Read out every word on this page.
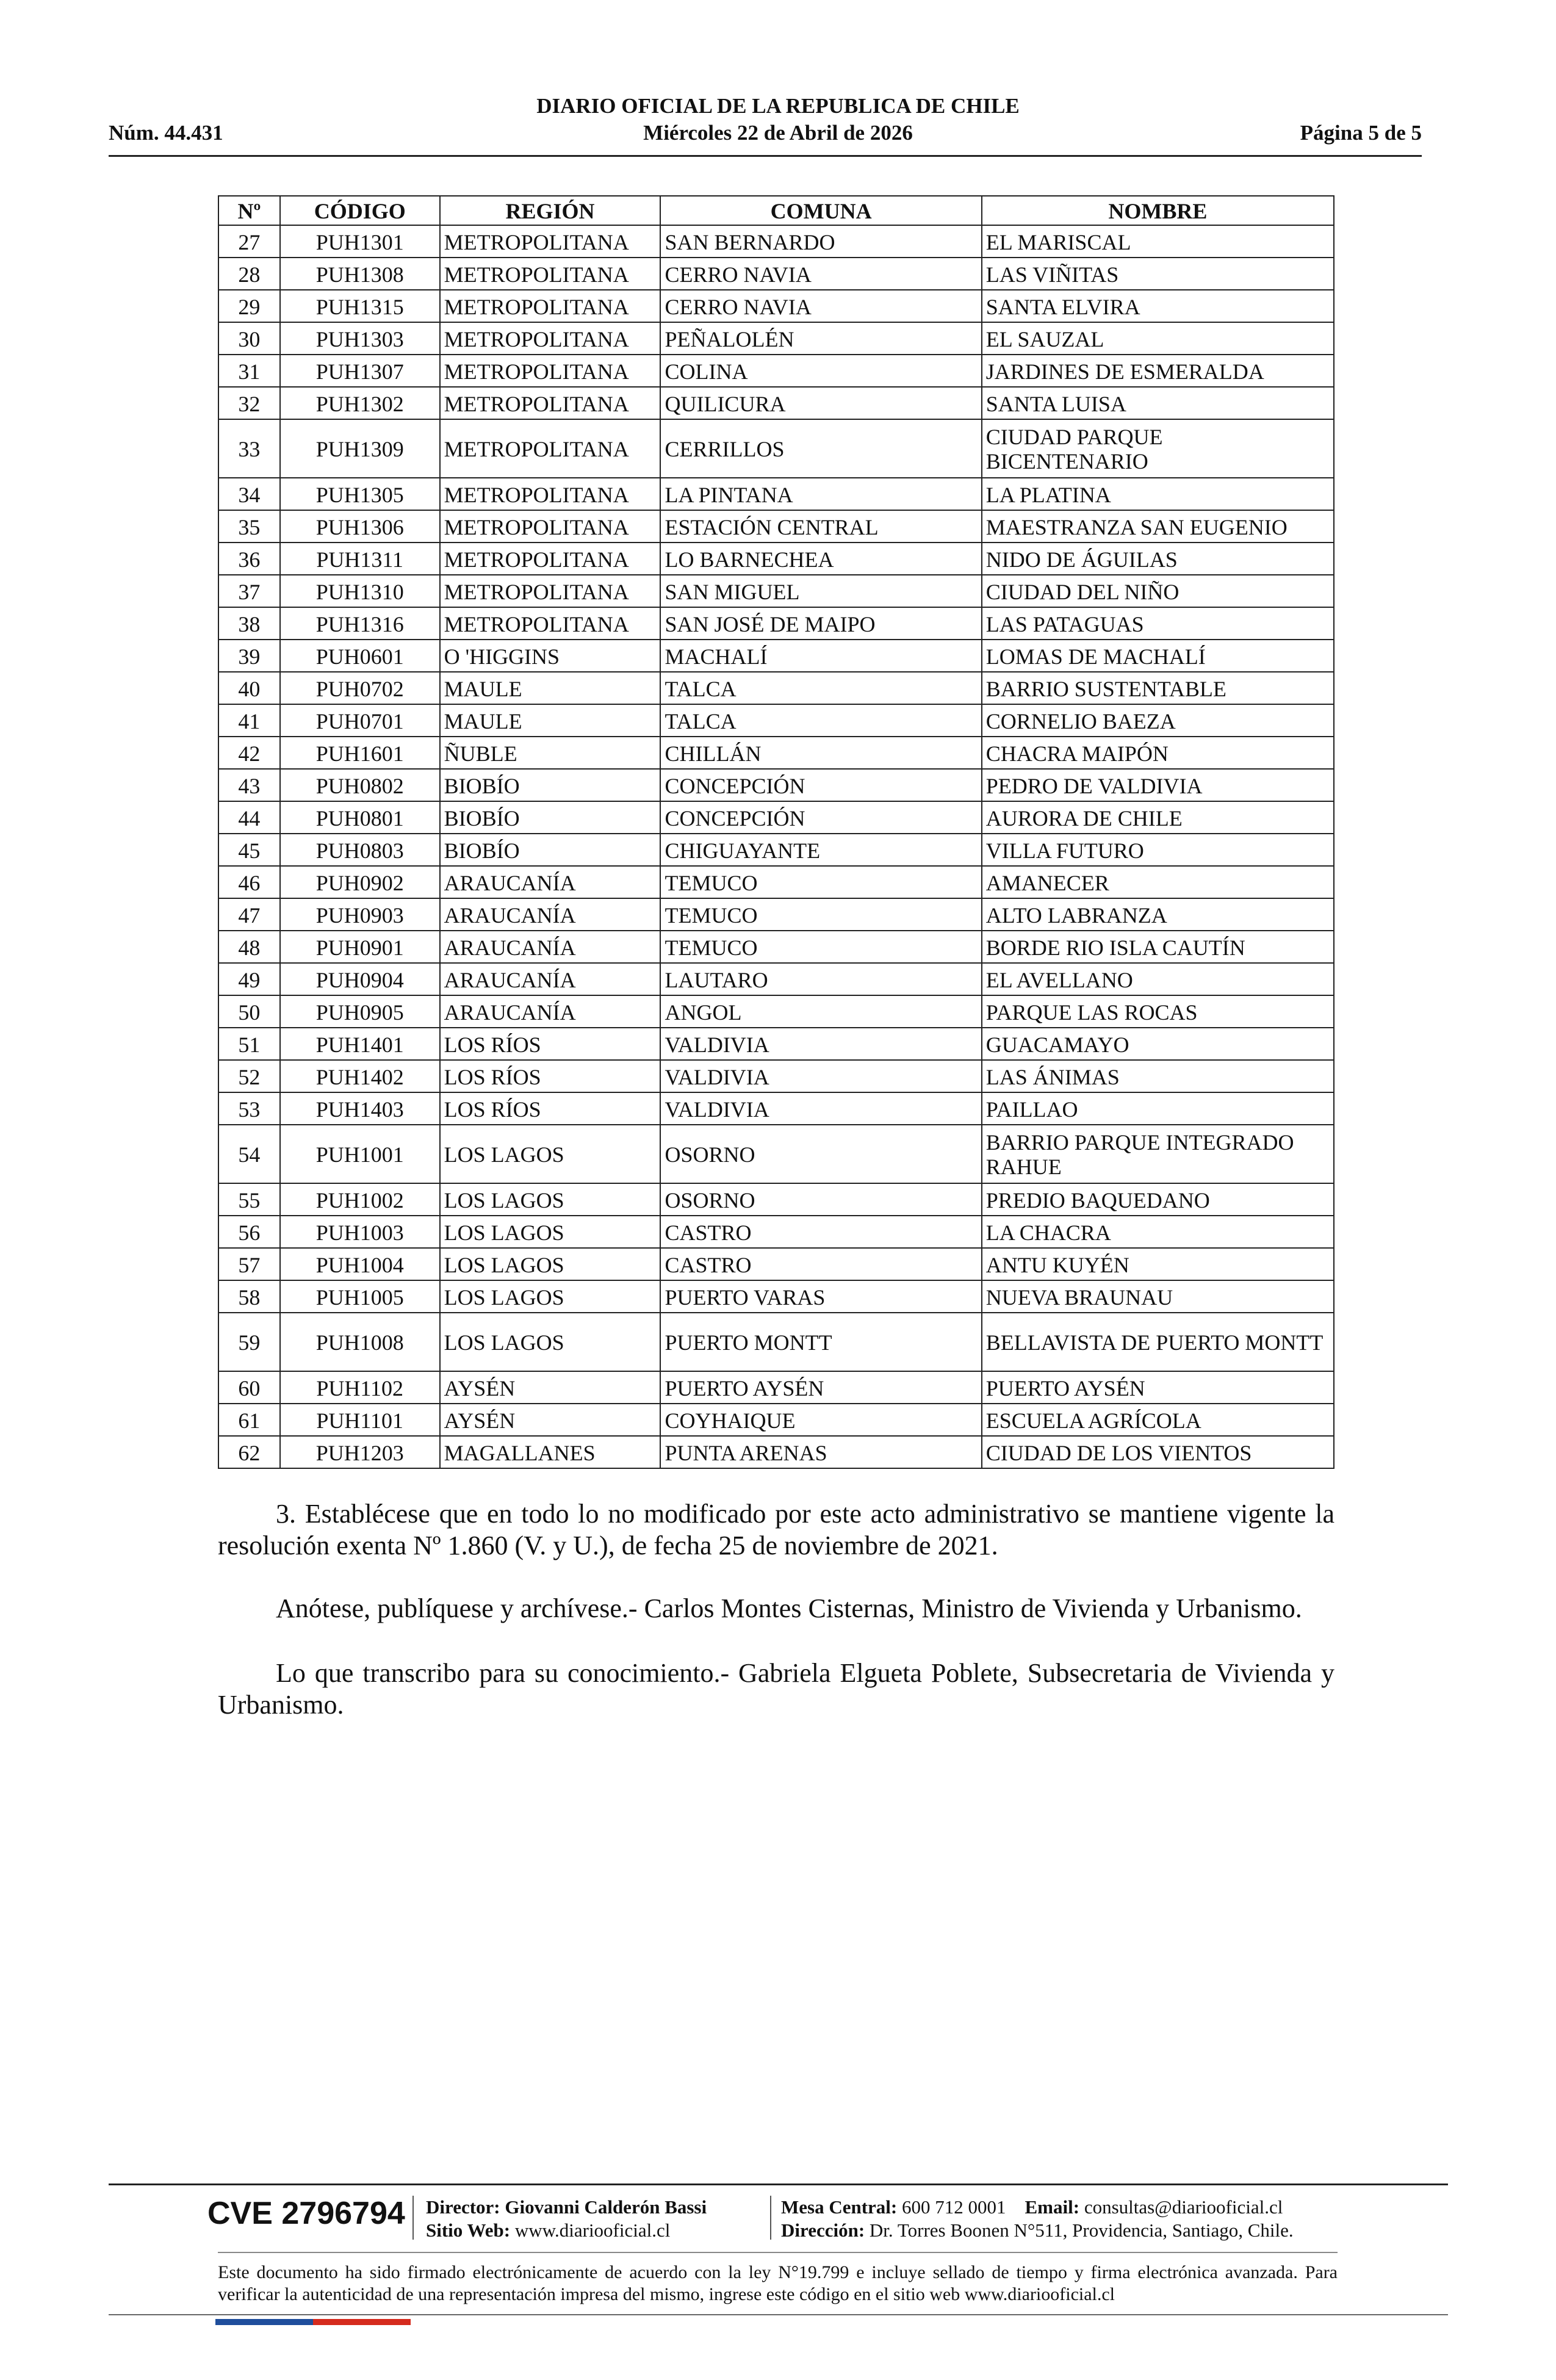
DIARIO OFICIAL DE LA REPUBLICA DE CHILE
Núm. 44.431	Miércoles 22 de Abril de 2026	Página 5 de 5
Nº	CÓDIGO	REGIÓN	COMUNA	NOMBRE
27	PUH1301	METROPOLITANA	SAN BERNARDO	EL MARISCAL
28	PUH1308	METROPOLITANA	CERRO NAVIA	LAS VIÑITAS
29	PUH1315	METROPOLITANA	CERRO NAVIA	SANTA ELVIRA
30	PUH1303	METROPOLITANA	PEÑALOLÉN	EL SAUZAL
31	PUH1307	METROPOLITANA	COLINA	JARDINES DE ESMERALDA
32	PUH1302	METROPOLITANA	QUILICURA	SANTA LUISA
33	PUH1309	METROPOLITANA	CERRILLOS	CIUDAD PARQUE BICENTENARIO
34	PUH1305	METROPOLITANA	LA PINTANA	LA PLATINA
35	PUH1306	METROPOLITANA	ESTACIÓN CENTRAL	MAESTRANZA SAN EUGENIO
36	PUH1311	METROPOLITANA	LO BARNECHEA	NIDO DE ÁGUILAS
37	PUH1310	METROPOLITANA	SAN MIGUEL	CIUDAD DEL NIÑO
38	PUH1316	METROPOLITANA	SAN JOSÉ DE MAIPO	LAS PATAGUAS
39	PUH0601	O 'HIGGINS	MACHALÍ	LOMAS DE MACHALÍ
40	PUH0702	MAULE	TALCA	BARRIO SUSTENTABLE
41	PUH0701	MAULE	TALCA	CORNELIO BAEZA
42	PUH1601	ÑUBLE	CHILLÁN	CHACRA MAIPÓN
43	PUH0802	BIOBÍO	CONCEPCIÓN	PEDRO DE VALDIVIA
44	PUH0801	BIOBÍO	CONCEPCIÓN	AURORA DE CHILE
45	PUH0803	BIOBÍO	CHIGUAYANTE	VILLA FUTURO
46	PUH0902	ARAUCANÍA	TEMUCO	AMANECER
47	PUH0903	ARAUCANÍA	TEMUCO	ALTO LABRANZA
48	PUH0901	ARAUCANÍA	TEMUCO	BORDE RIO ISLA CAUTÍN
49	PUH0904	ARAUCANÍA	LAUTARO	EL AVELLANO
50	PUH0905	ARAUCANÍA	ANGOL	PARQUE LAS ROCAS
51	PUH1401	LOS RÍOS	VALDIVIA	GUACAMAYO
52	PUH1402	LOS RÍOS	VALDIVIA	LAS ÁNIMAS
53	PUH1403	LOS RÍOS	VALDIVIA	PAILLAO
54	PUH1001	LOS LAGOS	OSORNO	BARRIO PARQUE INTEGRADO RAHUE
55	PUH1002	LOS LAGOS	OSORNO	PREDIO BAQUEDANO
56	PUH1003	LOS LAGOS	CASTRO	LA CHACRA
57	PUH1004	LOS LAGOS	CASTRO	ANTU KUYÉN
58	PUH1005	LOS LAGOS	PUERTO VARAS	NUEVA BRAUNAU
59	PUH1008	LOS LAGOS	PUERTO MONTT	BELLAVISTA DE PUERTO MONTT
60	PUH1102	AYSÉN	PUERTO AYSÉN	PUERTO AYSÉN
61	PUH1101	AYSÉN	COYHAIQUE	ESCUELA AGRÍCOLA
62	PUH1203	MAGALLANES	PUNTA ARENAS	CIUDAD DE LOS VIENTOS
3. Establécese que en todo lo no modificado por este acto administrativo se mantiene vigente la resolución exenta Nº 1.860 (V. y U.), de fecha 25 de noviembre de 2021.
Anótese, publíquese y archívese.- Carlos Montes Cisternas, Ministro de Vivienda y Urbanismo.
Lo que transcribo para su conocimiento.- Gabriela Elgueta Poblete, Subsecretaria de Vivienda y Urbanismo.
CVE 2796794 Director: Giovanni Calderón Bassi
Sitio Web: www.diariooficial.cl
Mesa Central: 600 712 0001 Email: consultas@diariooficial.cl
Dirección: Dr. Torres Boonen N°511, Providencia, Santiago, Chile.
Este documento ha sido firmado electrónicamente de acuerdo con la ley N°19.799 e incluye sellado de tiempo y firma electrónica avanzada. Para verificar la autenticidad de una representación impresa del mismo, ingrese este código en el sitio web www.diariooficial.cl
